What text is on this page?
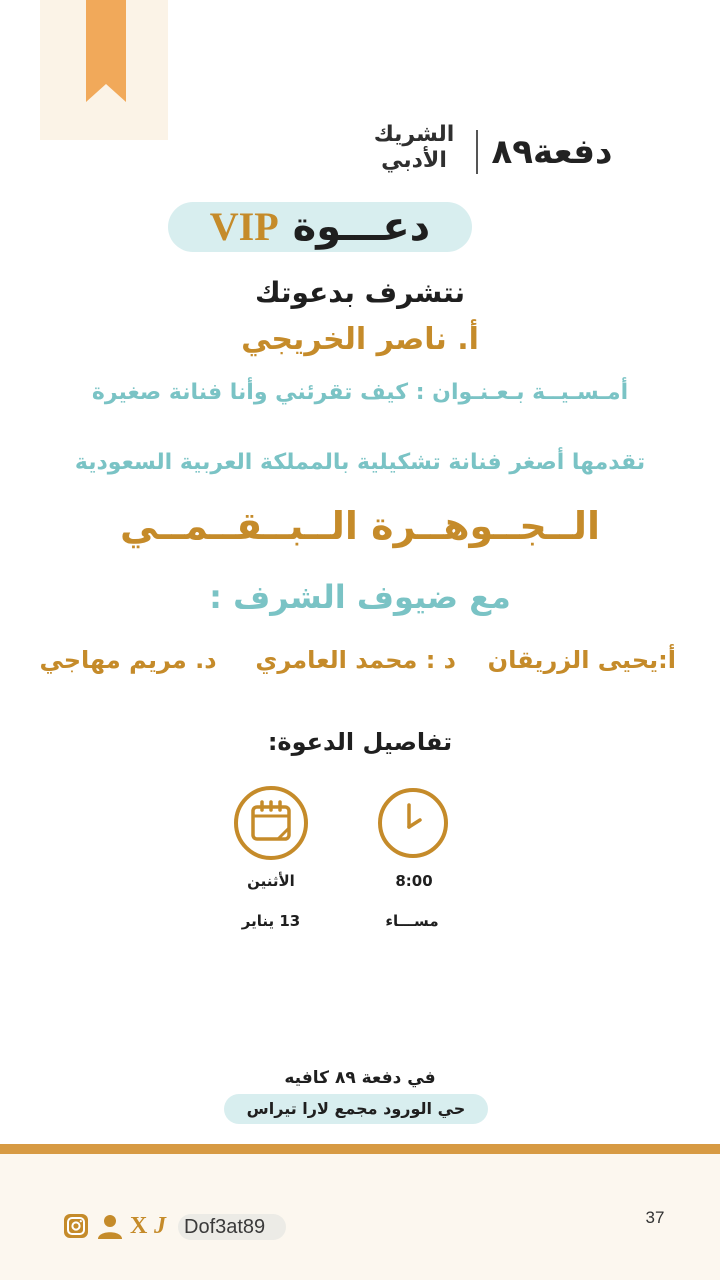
الشريك
الأدبي	دفعة٨٩
دعـــوة VIP
نتشرف بدعوتك
أ. ناصر الخريجي
أمـسـيــة بـعـنـوان : كيف تقرئني وأنا فنانة صغيرة
تقدمها أصغر فنانة تشكيلية بالمملكة العربية السعودية
الــجــوهــرة الــبــقــمــي
مع ضيوف الشرف :
أ:يحيى الزريقان
د : محمد العامري
د. مريم مهاجي
تفاصيل الدعوة:
الأثنين	8:00
13 يناير	مســـاء
في دفعة ٨٩ كافيه
حي الورود مجمع لارا تيراس
X J Dof3at89	37
